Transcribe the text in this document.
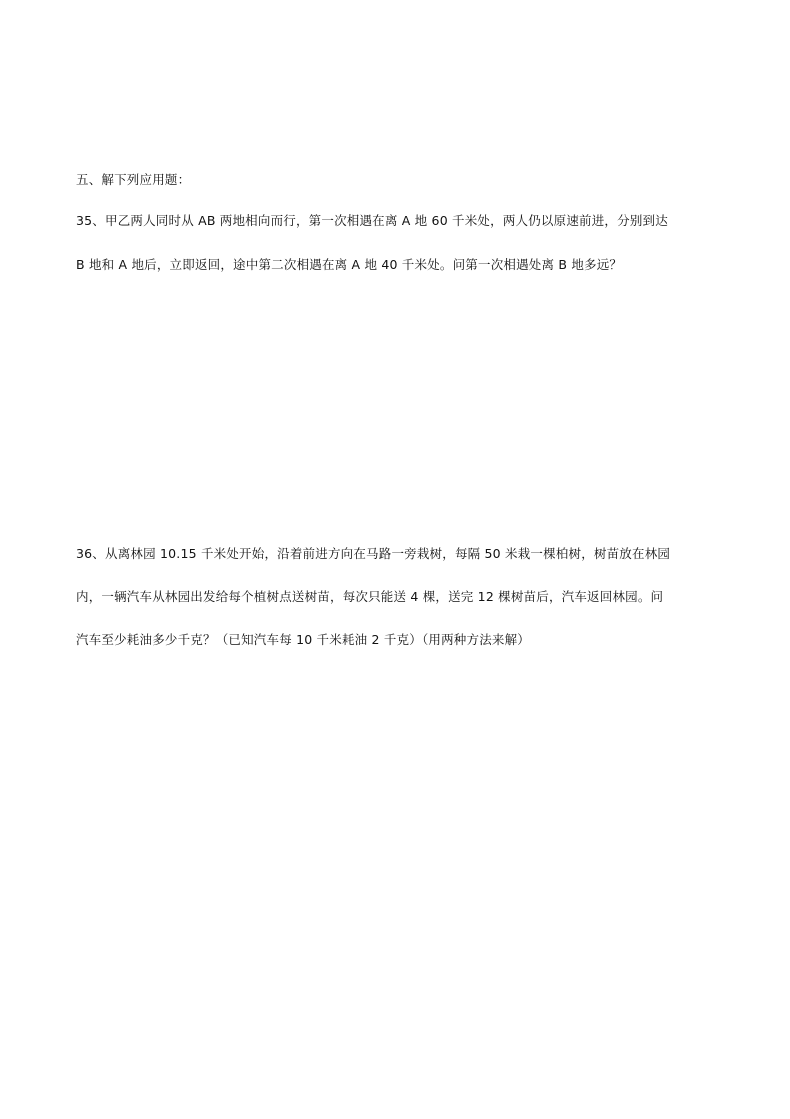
五、解下列应用题：
35、甲乙两人同时从 AB 两地相向而行，第一次相遇在离 A 地 60 千米处，两人仍以原速前进，分别到达
B 地和 A 地后，立即返回，途中第二次相遇在离 A 地 40 千米处。问第一次相遇处离 B 地多远？
36、从离林园 10.15 千米处开始，沿着前进方向在马路一旁栽树，每隔 50 米栽一棵柏树，树苗放在林园
内，一辆汽车从林园出发给每个植树点送树苗，每次只能送 4 棵，送完 12 棵树苗后，汽车返回林园。问
汽车至少耗油多少千克？（已知汽车每 10 千米耗油 2 千克）（用两种方法来解）
